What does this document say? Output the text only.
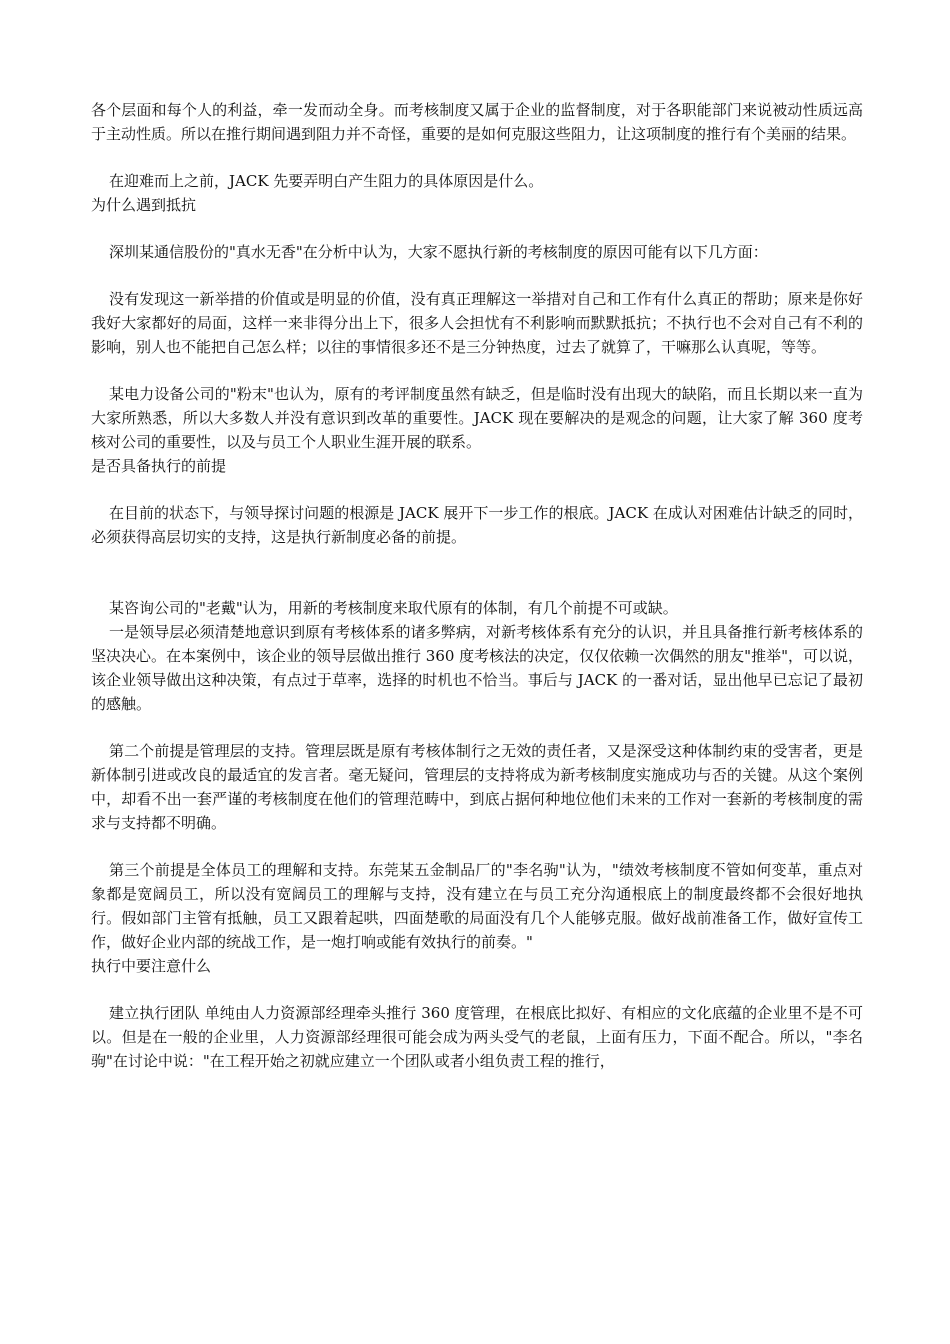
各个层面和每个人的利益，牵一发而动全身。而考核制度又属于企业的监督制度，对于各职能部门来说被动性质远高于主动性质。所以在推行期间遇到阻力并不奇怪，重要的是如何克服这些阻力，让这项制度的推行有个美丽的结果。

在迎难而上之前，JACK 先要弄明白产生阻力的具体原因是什么。

为什么遇到抵抗

深圳某通信股份的"真水无香"在分析中认为，大家不愿执行新的考核制度的原因可能有以下几方面：

没有发现这一新举措的价值或是明显的价值，没有真正理解这一举措对自己和工作有什么真正的帮助；原来是你好我好大家都好的局面，这样一来非得分出上下，很多人会担忧有不利影响而默默抵抗；不执行也不会对自己有不利的影响，别人也不能把自己怎么样；以往的事情很多还不是三分钟热度，过去了就算了，干嘛那么认真呢，等等。

某电力设备公司的"粉末"也认为，原有的考评制度虽然有缺乏，但是临时没有出现大的缺陷，而且长期以来一直为大家所熟悉，所以大多数人并没有意识到改革的重要性。JACK 现在要解决的是观念的问题，让大家了解 360 度考核对公司的重要性，以及与员工个人职业生涯开展的联系。

是否具备执行的前提

在目前的状态下，与领导探讨问题的根源是 JACK 展开下一步工作的根底。JACK 在成认对困难估计缺乏的同时，必须获得高层切实的支持，这是执行新制度必备的前提。

某咨询公司的"老戴"认为，用新的考核制度来取代原有的体制，有几个前提不可或缺。

一是领导层必须清楚地意识到原有考核体系的诸多弊病，对新考核体系有充分的认识，并且具备推行新考核体系的坚决决心。在本案例中，该企业的领导层做出推行 360 度考核法的决定，仅仅依赖一次偶然的朋友"推举"，可以说，该企业领导做出这种决策，有点过于草率，选择的时机也不恰当。事后与 JACK 的一番对话，显出他早已忘记了最初的感触。

第二个前提是管理层的支持。管理层既是原有考核体制行之无效的责任者，又是深受这种体制约束的受害者，更是新体制引进或改良的最适宜的发言者。毫无疑问，管理层的支持将成为新考核制度实施成功与否的关键。从这个案例中，却看不出一套严谨的考核制度在他们的管理范畴中，到底占据何种地位他们未来的工作对一套新的考核制度的需求与支持都不明确。

第三个前提是全体员工的理解和支持。东莞某五金制品厂的"李名驹"认为，"绩效考核制度不管如何变革，重点对象都是宽阔员工，所以没有宽阔员工的理解与支持，没有建立在与员工充分沟通根底上的制度最终都不会很好地执行。假如部门主管有抵触，员工又跟着起哄，四面楚歌的局面没有几个人能够克服。做好战前准备工作，做好宣传工作，做好企业内部的统战工作，是一炮打响或能有效执行的前奏。"

执行中要注意什么

建立执行团队 单纯由人力资源部经理牵头推行 360 度管理，在根底比拟好、有相应的文化底蕴的企业里不是不可以。但是在一般的企业里，人力资源部经理很可能会成为两头受气的老鼠，上面有压力，下面不配合。所以，"李名驹"在讨论中说："在工程开始之初就应建立一个团队或者小组负责工程的推行，
